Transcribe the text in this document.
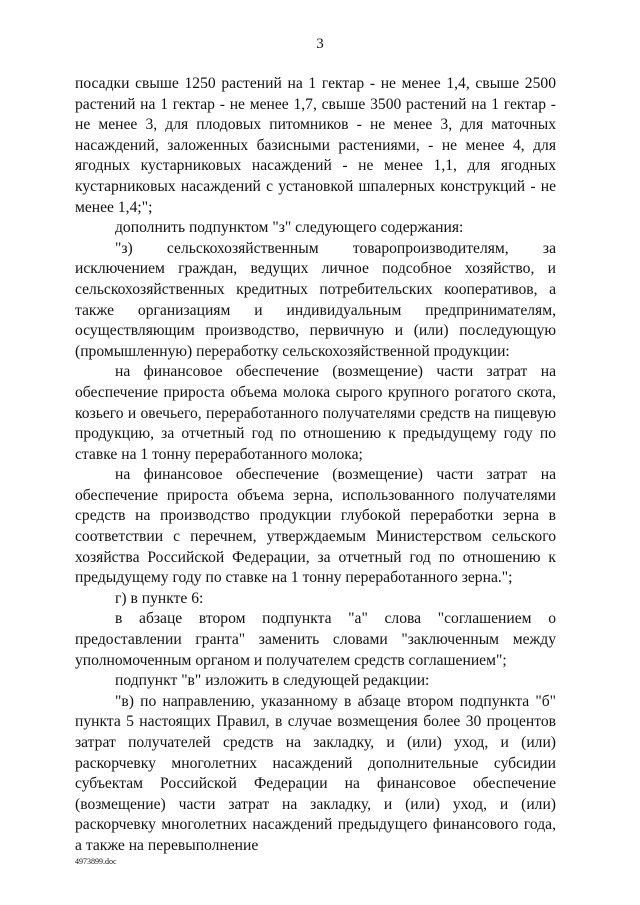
3

посадки свыше 1250 растений на 1 гектар - не менее 1,4, свыше 2500 растений на 1 гектар - не менее 1,7, свыше 3500 растений на 1 гектар - не менее 3, для плодовых питомников - не менее 3, для маточных насаждений, заложенных базисными растениями, - не менее 4, для ягодных кустарниковых насаждений - не менее 1,1, для ягодных кустарниковых насаждений с установкой шпалерных конструкций - не менее 1,4;";

дополнить подпунктом "з" следующего содержания:

"з) сельскохозяйственным товаропроизводителям, за исключением граждан, ведущих личное подсобное хозяйство, и сельскохозяйственных кредитных потребительских кооперативов, а также организациям и индивидуальным предпринимателям, осуществляющим производство, первичную и (или) последующую (промышленную) переработку сельскохозяйственной продукции:

на финансовое обеспечение (возмещение) части затрат на обеспечение прироста объема молока сырого крупного рогатого скота, козьего и овечьего, переработанного получателями средств на пищевую продукцию, за отчетный год по отношению к предыдущему году по ставке на 1 тонну переработанного молока;

на финансовое обеспечение (возмещение) части затрат на обеспечение прироста объема зерна, использованного получателями средств на производство продукции глубокой переработки зерна в соответствии с перечнем, утверждаемым Министерством сельского хозяйства Российской Федерации, за отчетный год по отношению к предыдущему году по ставке на 1 тонну переработанного зерна.";

г) в пункте 6:

в абзаце втором подпункта "а" слова "соглашением о предоставлении гранта" заменить словами "заключенным между уполномоченным органом и получателем средств соглашением";

подпункт "в" изложить в следующей редакции:

"в) по направлению, указанному в абзаце втором подпункта "б" пункта 5 настоящих Правил, в случае возмещения более 30 процентов затрат получателей средств на закладку, и (или) уход, и (или) раскорчевку многолетних насаждений дополнительные субсидии субъектам Российской Федерации на финансовое обеспечение (возмещение) части затрат на закладку, и (или) уход, и (или) раскорчевку многолетних насаждений предыдущего финансового года, а также на перевыполнение

4973899.doc
